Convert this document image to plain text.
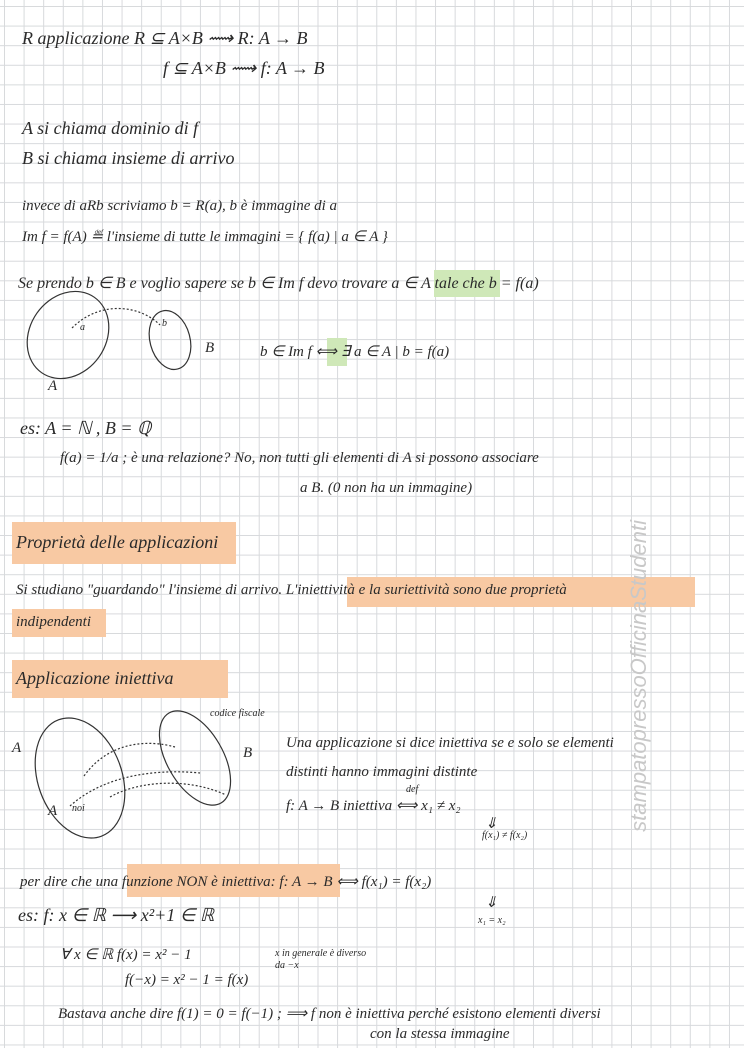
stampatopressoOfficinaStudenti
R applicazione R ⊆ A×B ⟿ R: A → B
f ⊆ A×B ⟿ f: A → B
A si chiama dominio di f
B si chiama insieme di arrivo
invece di aRb scriviamo b = R(a), b è immagine di a
Im f = f(A) ≝ l'insieme di tutte le immagini = { f(a) | a ∈ A }
Se prendo b ∈ B e voglio sapere se b ∈ Im f devo trovare a ∈ A tale che b = f(a)
a	b
A
B	b ∈ Im f ⟺ ∃ a ∈ A | b = f(a)
es: A = ℕ , B = ℚ
f(a) = 1/a ; è una relazione? No, non tutti gli elementi di A si possono associare
a B. (0 non ha un immagine)
Proprietà delle applicazioni
Si studiano "guardando" l'insieme di arrivo. L'iniettività e la suriettività sono due proprietà
indipendenti
Applicazione iniettiva
codice fiscale
A	B
A noi
Una applicazione si dice iniettiva se e solo se elementi
distinti hanno immagini distinte
def
f: A → B iniettiva ⟺ x₁ ≠ x₂
⇓
f(x₁) ≠ f(x₂)
per dire che una funzione NON è iniettiva: f: A → B ⟺ f(x₁) = f(x₂)
⇓
x₁ = x₂
es: f: x ∈ ℝ ⟶ x²+1 ∈ ℝ
∀ x ∈ ℝ f(x) = x² − 1	x in generale è diverso
da −x
f(−x) = x² − 1 = f(x)
Bastava anche dire f(1) = 0 = f(−1) ; ⟹ f non è iniettiva perché esistono elementi diversi
con la stessa immagine
